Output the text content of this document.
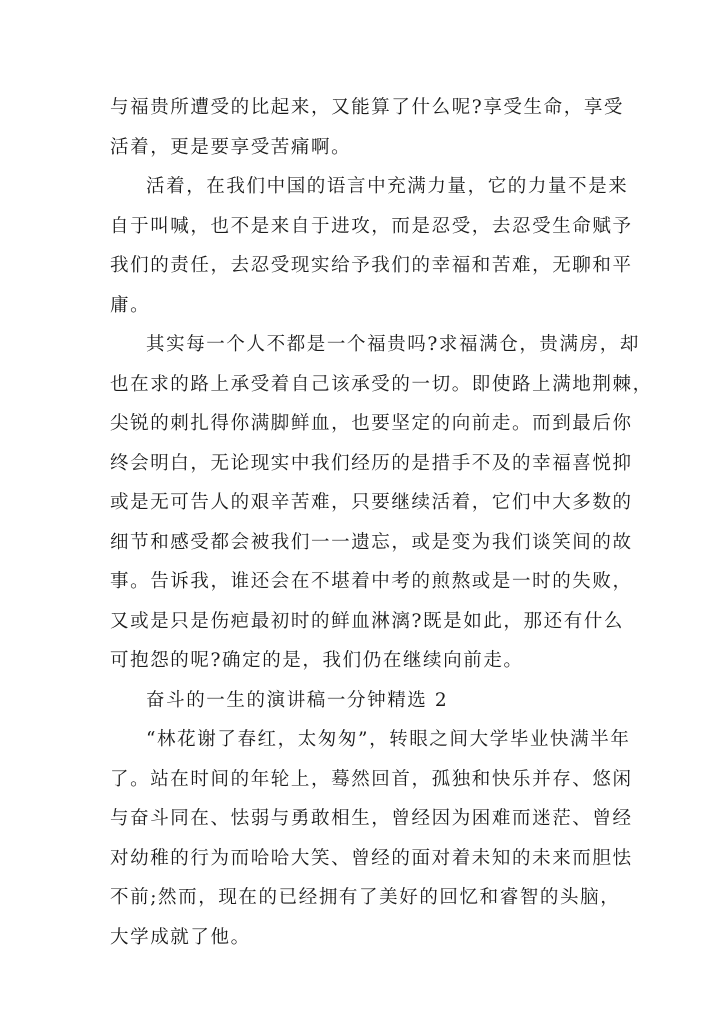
与福贵所遭受的比起来，又能算了什么呢?享受生命，享受
活着，更是要享受苦痛啊。
活着，在我们中国的语言中充满力量，它的力量不是来
自于叫喊，也不是来自于进攻，而是忍受，去忍受生命赋予
我们的责任，去忍受现实给予我们的幸福和苦难，无聊和平
庸。
其实每一个人不都是一个福贵吗?求福满仓，贵满房，却
也在求的路上承受着自己该承受的一切。即使路上满地荆棘，
尖锐的刺扎得你满脚鲜血，也要坚定的向前走。而到最后你
终会明白，无论现实中我们经历的是措手不及的幸福喜悦抑
或是无可告人的艰辛苦难，只要继续活着，它们中大多数的
细节和感受都会被我们一一遗忘，或是变为我们谈笑间的故
事。告诉我，谁还会在不堪着中考的煎熬或是一时的失败，
又或是只是伤疤最初时的鲜血淋漓?既是如此，那还有什么
可抱怨的呢?确定的是，我们仍在继续向前走。
奋斗的一生的演讲稿一分钟精选 2
“林花谢了春红，太匆匆”，转眼之间大学毕业快满半年
了。站在时间的年轮上，蓦然回首，孤独和快乐并存、悠闲
与奋斗同在、怯弱与勇敢相生，曾经因为困难而迷茫、曾经
对幼稚的行为而哈哈大笑、曾经的面对着未知的未来而胆怯
不前;然而，现在的已经拥有了美好的回忆和睿智的头脑，
大学成就了他。
